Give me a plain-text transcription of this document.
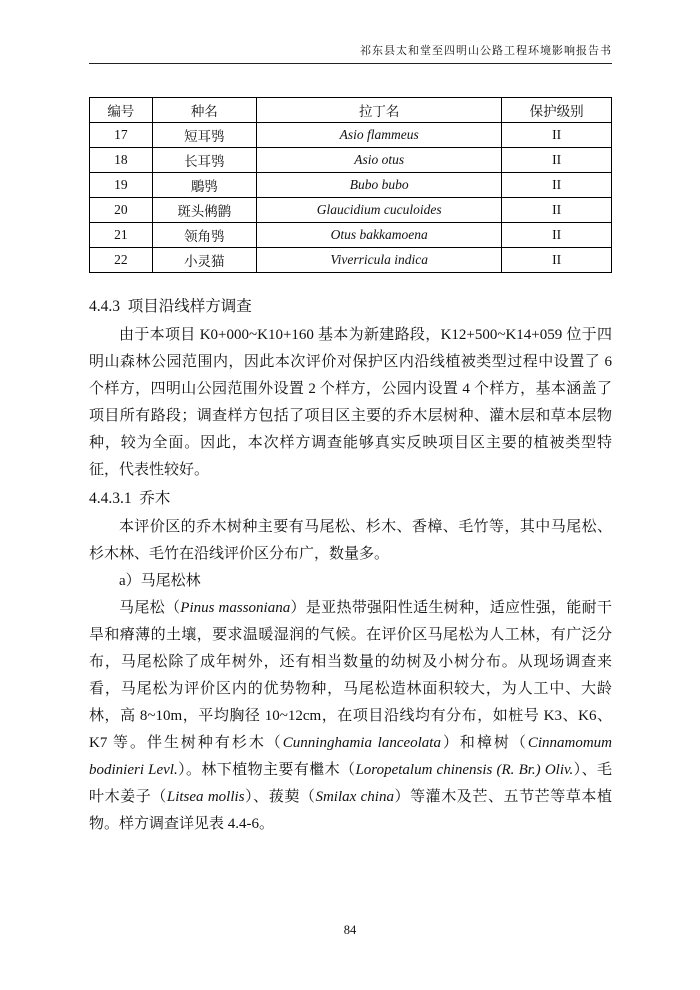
祁东县太和堂至四明山公路工程环境影响报告书
编号	种名	拉丁名	保护级别
17	短耳鸮	Asio flammeus	II
18	长耳鸮	Asio otus	II
19	鵰鸮	Bubo bubo	II
20	斑头鸺鹠	Glaucidium cuculoides	II
21	领角鸮	Otus bakkamoena	II
22	小灵猫	Viverricula indica	II
4.4.3  项目沿线样方调查

由于本项目 K0+000~K10+160 基本为新建路段，K12+500~K14+059 位于四明山森林公园范围内，因此本次评价对保护区内沿线植被类型过程中设置了 6 个样方，四明山公园范围外设置 2 个样方，公园内设置 4 个样方，基本涵盖了项目所有路段；调查样方包括了项目区主要的乔木层树种、灌木层和草本层物种，较为全面。因此，本次样方调查能够真实反映项目区主要的植被类型特征，代表性较好。

4.4.3.1  乔木

本评价区的乔木树种主要有马尾松、杉木、香樟、毛竹等，其中马尾松、杉木林、毛竹在沿线评价区分布广，数量多。

a）马尾松林

马尾松（Pinus massoniana）是亚热带强阳性适生树种，适应性强，能耐干旱和瘠薄的土壤，要求温暖湿润的气候。在评价区马尾松为人工林，有广泛分布，马尾松除了成年树外，还有相当数量的幼树及小树分布。从现场调查来看，马尾松为评价区内的优势物种，马尾松造林面积较大，为人工中、大龄林，高 8~10m，平均胸径 10~12cm，在项目沿线均有分布，如桩号 K3、K6、K7 等。伴生树种有杉木（Cunninghamia lanceolata）和樟树（Cinnamomum bodinieri Levl.）。林下植物主要有檵木（Loropetalum chinensis (R. Br.) Oliv.）、毛叶木姜子（Litsea mollis）、菝葜（Smilax china）等灌木及芒、五节芒等草本植物。样方调查详见表 4.4-6。

84
